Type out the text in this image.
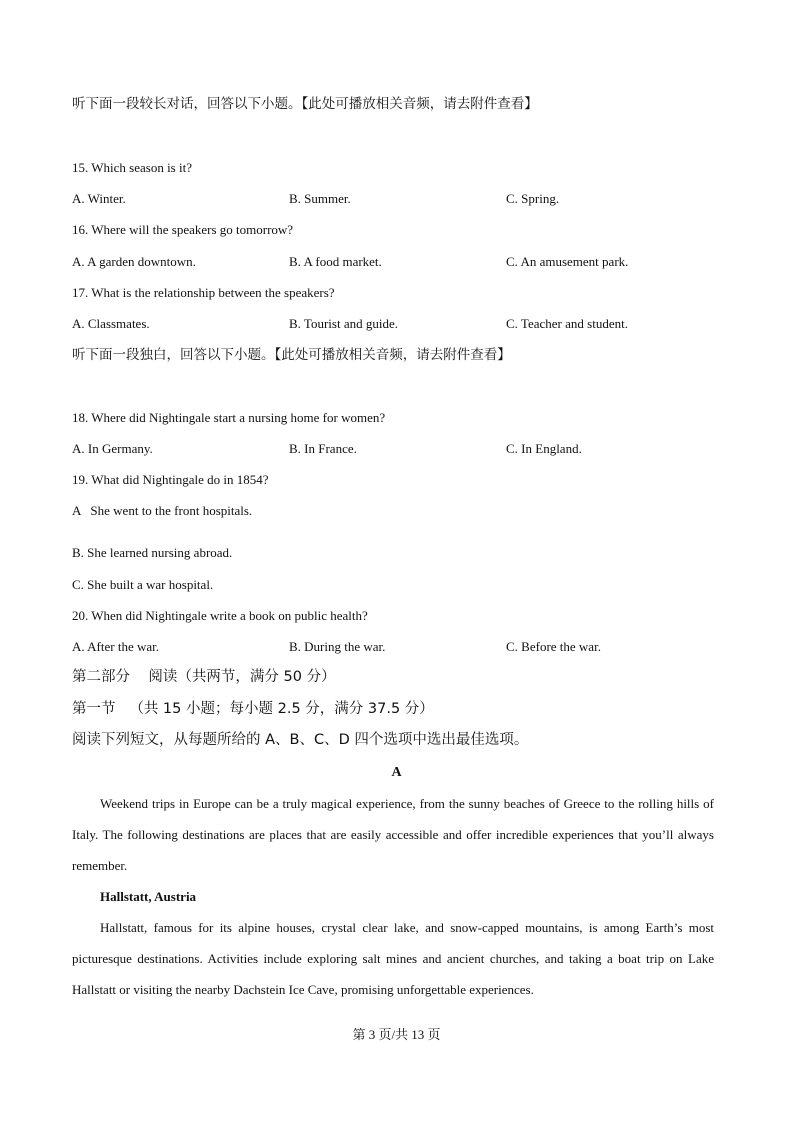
听下面一段较长对话，回答以下小题。【此处可播放相关音频，请去附件查看】
15. Which season is it?
A. Winter.	B. Summer.	C. Spring.
16. Where will the speakers go tomorrow?
A. A garden downtown.	B. A food market.	C. An amusement park.
17. What is the relationship between the speakers?
A. Classmates.	B. Tourist and guide.	C. Teacher and student.
听下面一段独白，回答以下小题。【此处可播放相关音频，请去附件查看】
18. Where did Nightingale start a nursing home for women?
A. In Germany.	B. In France.	C. In England.
19. What did Nightingale do in 1854?
A   She went to the front hospitals.
B. She learned nursing abroad.
C. She built a war hospital.
20. When did Nightingale write a book on public health?
A. After the war.	B. During the war.	C. Before the war.
第二部分    阅读（共两节，满分 50 分）
第一节   （共 15 小题；每小题 2.5 分，满分 37.5 分）
阅读下列短文，从每题所给的 A、B、C、D 四个选项中选出最佳选项。
A
Weekend trips in Europe can be a truly magical experience, from the sunny beaches of Greece to the rolling hills of Italy. The following destinations are places that are easily accessible and offer incredible experiences that you’ll always remember.
Hallstatt, Austria
Hallstatt, famous for its alpine houses, crystal clear lake, and snow-capped mountains, is among Earth’s most picturesque destinations. Activities include exploring salt mines and ancient churches, and taking a boat trip on Lake Hallstatt or visiting the nearby Dachstein Ice Cave, promising unforgettable experiences.
第 3 页/共 13 页
